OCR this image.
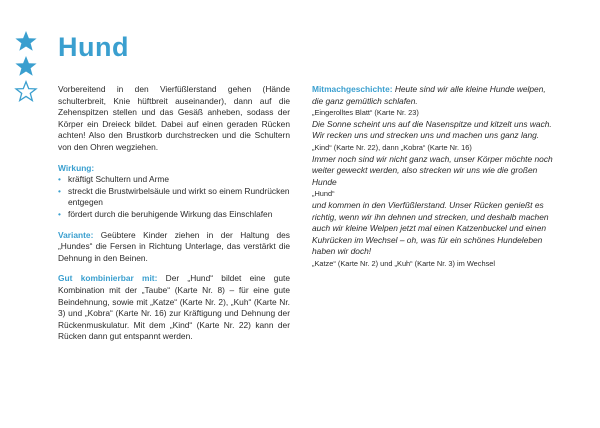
Hund

Vorbereitend in den Vierfüßlerstand gehen (Hände schulterbreit, Knie hüftbreit auseinander), dann auf die Zehenspitzen stellen und das Gesäß anheben, sodass der Körper ein Dreieck bildet. Dabei auf einen geraden Rücken achten! Also den Brustkorb durchstrecken und die Schultern von den Ohren wegziehen.

Wirkung:
• kräftigt Schultern und Arme
• streckt die Brustwirbelsäule und wirkt so einem Rundrücken entgegen
• fördert durch die beruhigende Wirkung das Einschlafen

Variante: Geübtere Kinder ziehen in der Haltung des „Hundes“ die Fersen in Richtung Unterlage, das verstärkt die Dehnung in den Beinen.

Gut kombinierbar mit: Der „Hund“ bildet eine gute Kombination mit der „Taube“ (Karte Nr. 8) – für eine gute Beindehnung, sowie mit „Katze“ (Karte Nr. 2), „Kuh“ (Karte Nr. 3) und „Kobra“ (Karte Nr. 16) zur Kräftigung und Dehnung der Rückenmuskulatur. Mit dem „Kind“ (Karte Nr. 22) kann der Rücken dann gut entspannt werden.

Mitmachgeschichte: Heute sind wir alle kleine Hunde welpen, die ganz gemütlich schlafen.

„Eingerolltes Blatt“ (Karte Nr. 23)

Die Sonne scheint uns auf die Nasenspitze und kitzelt uns wach. Wir recken uns und strecken uns und machen uns ganz lang.

„Kind“ (Karte Nr. 22), dann „Kobra“ (Karte Nr. 16)

Immer noch sind wir nicht ganz wach, unser Körper möchte noch weiter geweckt werden, also strecken wir uns wie die großen Hunde

„Hund“

und kommen in den Vierfüßlerstand. Unser Rücken genießt es richtig, wenn wir ihn dehnen und strecken, und deshalb machen auch wir kleine Welpen jetzt mal einen Katzenbuckel und einen Kuhrücken im Wechsel – oh, was für ein schönes Hundeleben haben wir doch!

„Katze“ (Karte Nr. 2) und „Kuh“ (Karte Nr. 3) im Wechsel
